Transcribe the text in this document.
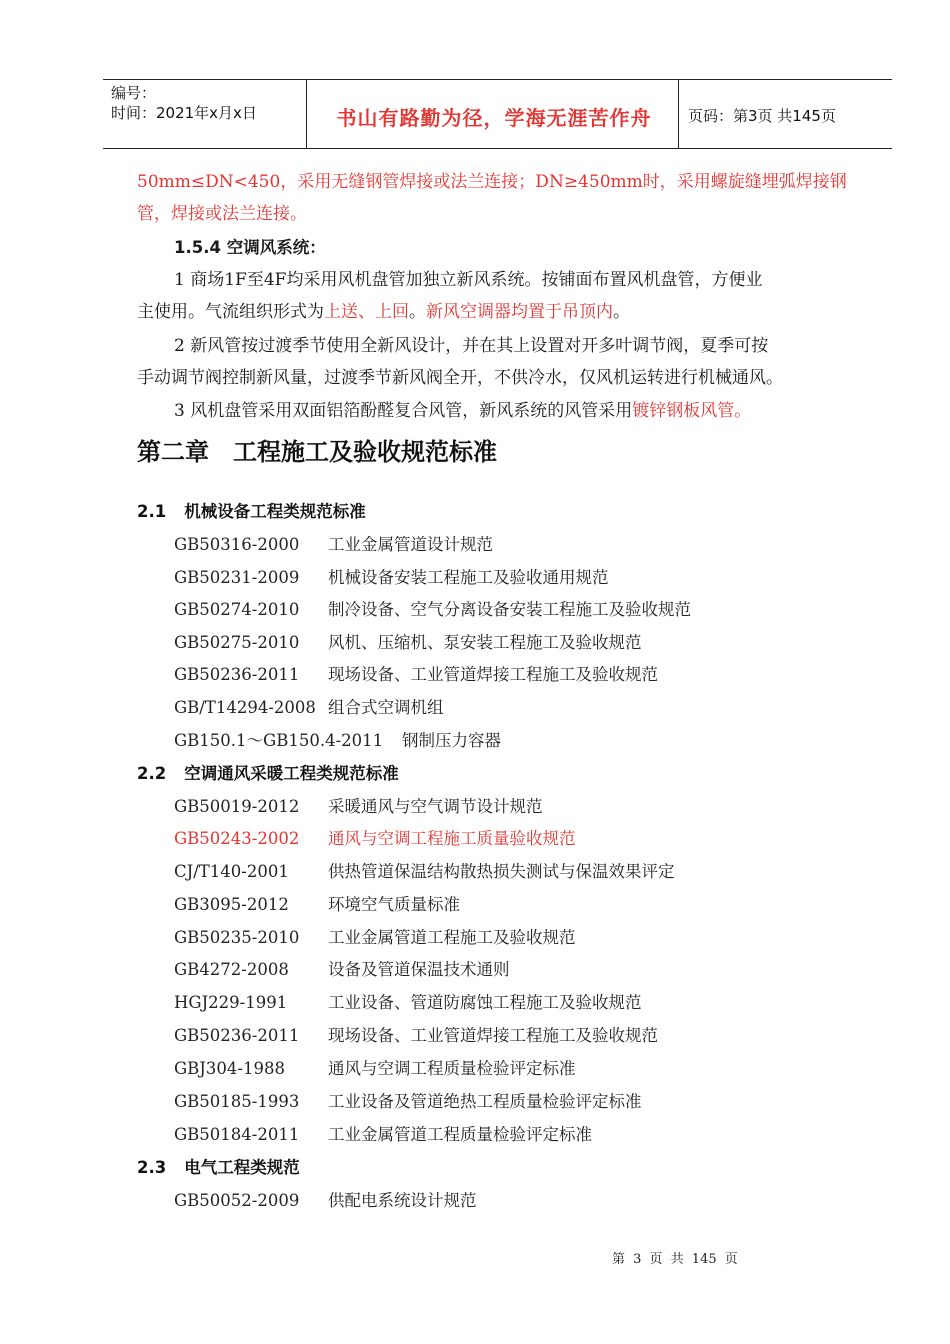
编号：
时间：2021年x月x日	书山有路勤为径，学海无涯苦作舟	页码：第3页 共145页
50mm≤DN<450，采用无缝钢管焊接或法兰连接；DN≥450mm时，采用螺旋缝埋弧焊接钢
管，焊接或法兰连接。
1.5.4 空调风系统：
1 商场1F至4F均采用风机盘管加独立新风系统。按铺面布置风机盘管，方便业
主使用。气流组织形式为上送、上回。新风空调器均置于吊顶内。
2 新风管按过渡季节使用全新风设计，并在其上设置对开多叶调节阀，夏季可按
手动调节阀控制新风量，过渡季节新风阀全开，不供冷水，仅风机运转进行机械通风。
3 风机盘管采用双面铝箔酚醛复合风管，新风系统的风管采用镀锌钢板风管。
第二章 工程施工及验收规范标准
2.1 机械设备工程类规范标准
GB50316-2000 工业金属管道设计规范
GB50231-2009 机械设备安装工程施工及验收通用规范
GB50274-2010 制冷设备、空气分离设备安装工程施工及验收规范
GB50275-2010 风机、压缩机、泵安装工程施工及验收规范
GB50236-2011 现场设备、工业管道焊接工程施工及验收规范
GB/T14294-2008 组合式空调机组
GB150.1～GB150.4-2011 钢制压力容器
2.2 空调通风采暖工程类规范标准
GB50019-2012 采暖通风与空气调节设计规范
GB50243-2002 通风与空调工程施工质量验收规范
CJ/T140-2001 供热管道保温结构散热损失测试与保温效果评定
GB3095-2012 环境空气质量标准
GB50235-2010 工业金属管道工程施工及验收规范
GB4272-2008 设备及管道保温技术通则
HGJ229-1991 工业设备、管道防腐蚀工程施工及验收规范
GB50236-2011 现场设备、工业管道焊接工程施工及验收规范
GBJ304-1988	通风与空调工程质量检验评定标准
GB50185-1993 工业设备及管道绝热工程质量检验评定标准
GB50184-2011 工业金属管道工程质量检验评定标准
2.3 电气工程类规范
GB50052-2009 供配电系统设计规范
第 3 页 共 145 页
